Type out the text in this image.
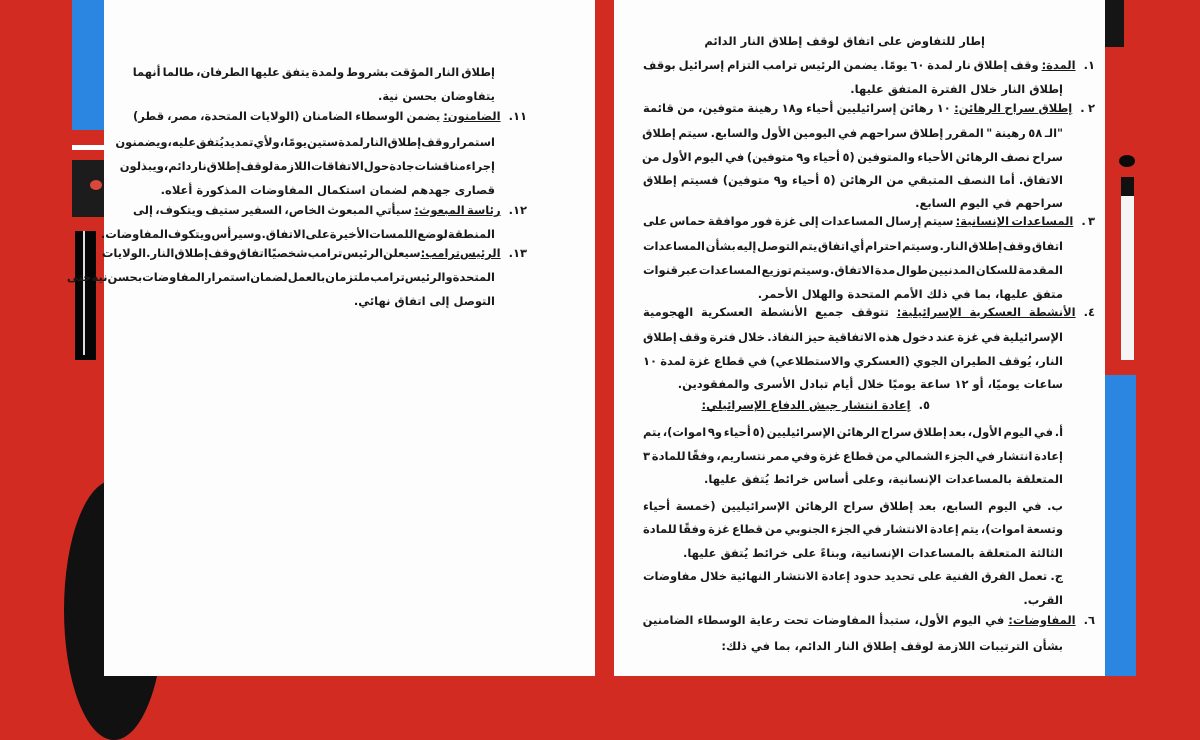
إطلاق النار المؤقت بشروط ولمدة يتفق عليها الطرفان، طالما أنهما
يتفاوضان بحسن نية.
١١.الضامنون: يضمن الوسطاء الضامنان (الولايات المتحدة، مصر، قطر)
استمرار وقف إطلاق النار لمدة ستين يومًا، ولأي تمديد يُتفق عليه، ويضمنون
إجراء مناقشات جادة حول الاتفاقات اللازمة لوقف إطلاق نار دائم، ويبذلون
قصارى جهدهم لضمان استكمال المفاوضات المذكورة أعلاه.
١٢.رئاسة المبعوث: سيأتي المبعوث الخاص، السفير ستيف ويتكوف، إلى
المنطقة لوضع اللمسات الأخيرة على الاتفاق. وسيرأس ويتكوف المفاوضات.
١٣ .الرئيس ترامب: سيعلن الرئيس ترامب شخصيًا اتفاق وقف إطلاق النار. الولايات
المتحدة والرئيس ترامب ملتزمان بالعمل لضمان استمرار المفاوضات بحسن نية حتى
التوصل إلى اتفاق نهائي.
إطار للتفاوض على اتفاق لوقف إطلاق النار الدائم
١.المدة: وقف إطلاق نار لمدة ٦٠ يومًا. يضمن الرئيس ترامب التزام إسرائيل بوقف
إطلاق النار خلال الفترة المتفق عليها.
٢ .إطلاق سراح الرهائن: ١٠ رهائن إسرائيليين أحياء و١٨ رهينة متوفين، من قائمة
"الـ ٥٨ رهينة " المقرر إطلاق سراحهم في اليومين الأول والسابع. سيتم إطلاق
سراح نصف الرهائن الأحياء والمتوفين (٥ أحياء و٩ متوفين) في اليوم الأول من
الاتفاق. أما النصف المتبقي من الرهائن (٥ أحياء و٩ متوفين) فسيتم إطلاق
سراحهم في اليوم السابع.
٣ .المساعدات الإنسانية: سيتم إرسال المساعدات إلى غزة فور موافقة حماس على
اتفاق وقف إطلاق النار. وسيتم احترام أي اتفاق يتم التوصل إليه بشأن المساعدات
المقدمة للسكان المدنيين طوال مدة الاتفاق. وسيتم توزيع المساعدات عبر قنوات
متفق عليها، بما في ذلك الأمم المتحدة والهلال الأحمر.
٤.الأنشطة العسكرية الإسرائيلية: تتوقف جميع الأنشطة العسكرية الهجومية
الإسرائيلية في غزة عند دخول هذه الاتفاقية حيز النفاذ. خلال فترة وقف إطلاق
النار، يُوقف الطيران الجوي (العسكري والاستطلاعي) في قطاع غزة لمدة ١٠
ساعات يوميًا، أو ١٢ ساعة يوميًا خلال أيام تبادل الأسرى والمفقودين.
٥.إعادة انتشار جيش الدفاع الإسرائيلي:
أ. في اليوم الأول، بعد إطلاق سراح الرهائن الإسرائيليين (٥ أحياء و٩ اموات)، يتم
إعادة انتشار في الجزء الشمالي من قطاع غزة وفي ممر نتساريم، وفقًا للمادة ٣
المتعلقة بالمساعدات الإنسانية، وعلى أساس خرائط يُتفق عليها.
ب. في اليوم السابع، بعد إطلاق سراح الرهائن الإسرائيليين (خمسة أحياء
وتسعة اموات)، يتم إعادة الانتشار في الجزء الجنوبي من قطاع غزة وفقًا للمادة
الثالثة المتعلقة بالمساعدات الإنسانية، وبناءً على خرائط يُتفق عليها.
ج. تعمل الفرق الفنية على تحديد حدود إعادة الانتشار النهائية خلال مفاوضات
القرب.
٦.المفاوضات: في اليوم الأول، ستبدأ المفاوضات تحت رعاية الوسطاء الضامنين
بشأن الترتيبات اللازمة لوقف إطلاق النار الدائم، بما في ذلك:
